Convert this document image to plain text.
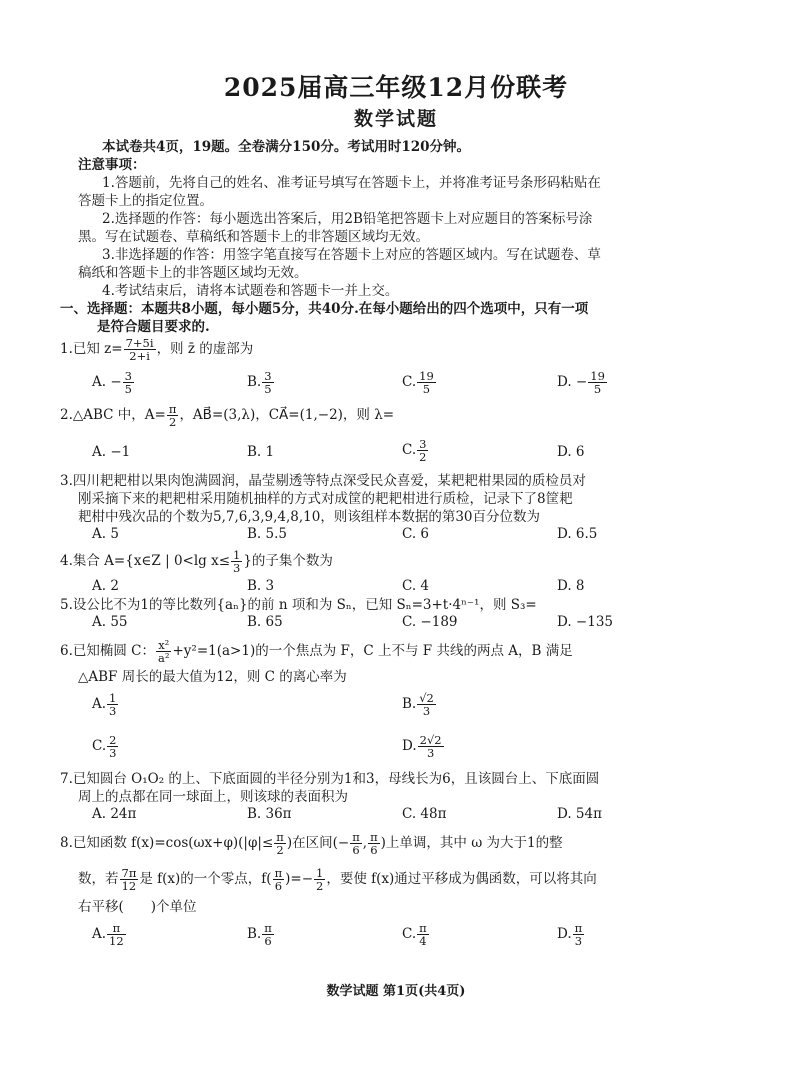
2025届高三年级12月份联考
数学试题
本试卷共4页，19题。全卷满分150分。考试用时120分钟。
注意事项：
1.答题前，先将自己的姓名、准考证号填写在答题卡上，并将准考证号条形码粘贴在
答题卡上的指定位置。
2.选择题的作答：每小题选出答案后，用2B铅笔把答题卡上对应题目的答案标号涂
黑。写在试题卷、草稿纸和答题卡上的非答题区域均无效。
3.非选择题的作答：用签字笔直接写在答题卡上对应的答题区域内。写在试题卷、草
稿纸和答题卡上的非答题区域均无效。
4.考试结束后，请将本试题卷和答题卡一并上交。
一、选择题：本题共8小题，每小题5分，共40分.在每小题给出的四个选项中，只有一项
是符合题目要求的.
1.已知 $z= \frac{7+5i}{2+i}$ ，则 z̄ 的虚部为
A. − $\frac{3}{5}$	B. $\frac{3}{5}$	C. $\frac{19}{5}$	D. − $\frac{19}{5}$
2.△ABC 中，$A= \frac{\pi}{2}$ ，AB⃗=(3,λ)，CA⃗=(1,−2)，则 λ=
A. −1	B. 1	C. $\frac{3}{2}$	D. 6
3.四川耙耙柑以果肉饱满圆润，晶莹剔透等特点深受民众喜爱，某耙耙柑果园的质检员对
刚采摘下来的耙耙柑采用随机抽样的方式对成筐的耙耙柑进行质检，记录下了8筐耙
耙柑中残次品的个数为5,7,6,3,9,4,8,10，则该组样本数据的第30百分位数为
A. 5	B. 5.5	C. 6	D. 6.5
4.集合 A={x∈Z | 0<lg $x\le \frac{1}{3}$ }的子集个数为
A. 2	B. 3	C. 4	D. 8
5.设公比不为1的等比数列{aₙ}的前 n 项和为 Sₙ，已知 Sₙ=3+t·4ⁿ⁻¹，则 S₃=
A. 55	B. 65	C. −189	D. −135
6.已知椭圆 C： $\frac{\text{x²}}{\text{a²}} +y^2=1(a>1)$的一个焦点为 F，C 上不与 F 共线的两点 A，B 满足
△ABF 周长的最大值为12，则 C 的离心率为
A. $\frac{1}{3}$	B. $\frac{√2}{3}$
C. $\frac{2}{3}$	D. $\frac{2√2}{3}$
7.已知圆台 O₁O₂ 的上、下底面圆的半径分别为1和3，母线长为6，且该圆台上、下底面圆
周上的点都在同一球面上，则该球的表面积为
A. 24π	B. 36π	C. 48π	D. 54π
8.已知函数 $f(x)=\cos(\omega x+\varphi)(|\varphi|\le \frac{\pi}{2}$ )在区间(− $\frac{\pi}{6}$ , $\frac{\pi}{6}$ )上单调，其中 ω 为大于1的整
数，若 $\frac{7\pi}{12}$ 是 f(x)的一个零点，$f( \frac{\pi}{6}$ )=− $\frac{1}{2}$ ，要使 f(x)通过平移成为偶函数，可以将其向
右平移(　　)个单位
A. $\frac{\pi}{12}$	B. $\frac{\pi}{6}$	C. $\frac{\pi}{4}$	D. $\frac{\pi}{3}$
数学试题 第1页(共4页)
